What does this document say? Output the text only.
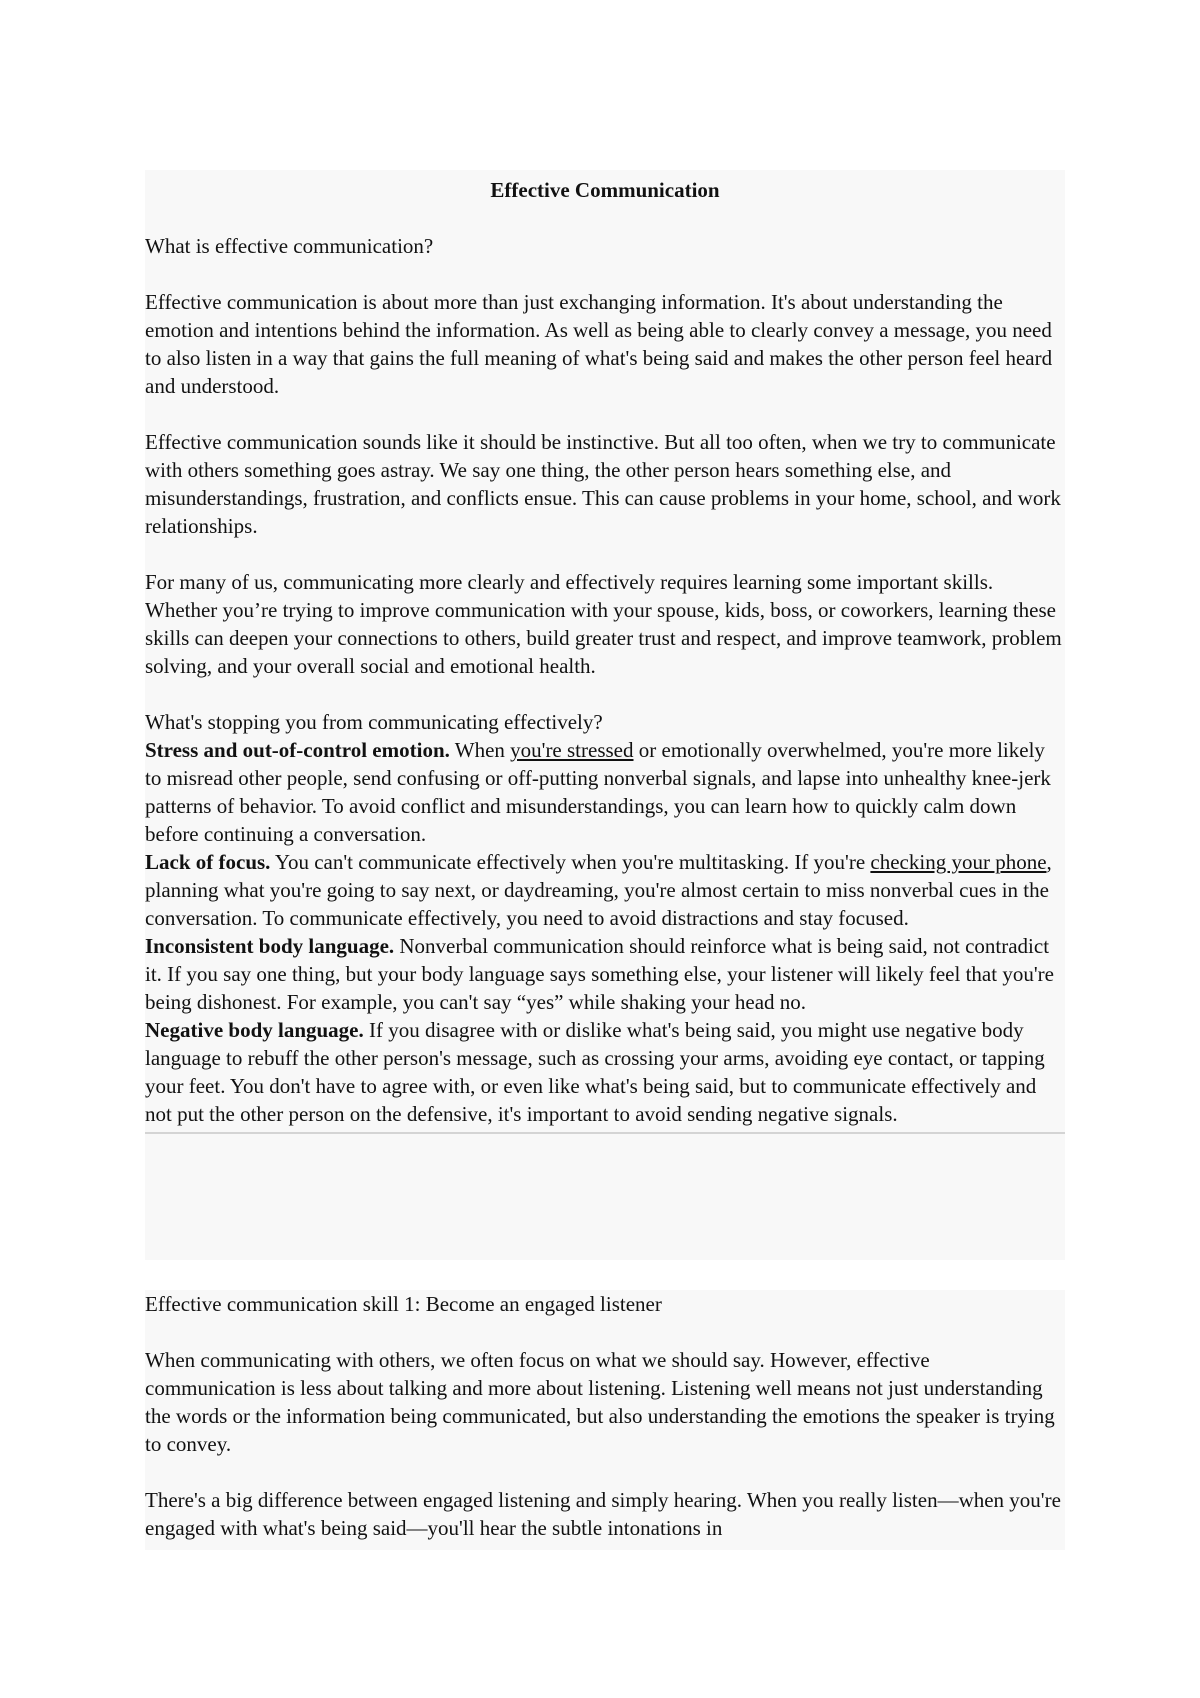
Effective Communication

What is effective communication?

Effective communication is about more than just exchanging information. It's about understanding the emotion and intentions behind the information. As well as being able to clearly convey a message, you need to also listen in a way that gains the full meaning of what's being said and makes the other person feel heard and understood.

Effective communication sounds like it should be instinctive. But all too often, when we try to communicate with others something goes astray. We say one thing, the other person hears something else, and misunderstandings, frustration, and conflicts ensue. This can cause problems in your home, school, and work relationships.

For many of us, communicating more clearly and effectively requires learning some important skills. Whether you’re trying to improve communication with your spouse, kids, boss, or coworkers, learning these skills can deepen your connections to others, build greater trust and respect, and improve teamwork, problem solving, and your overall social and emotional health.

What's stopping you from communicating effectively?

Stress and out-of-control emotion. When you're stressed or emotionally overwhelmed, you're more likely to misread other people, send confusing or off-putting nonverbal signals, and lapse into unhealthy knee-jerk patterns of behavior. To avoid conflict and misunderstandings, you can learn how to quickly calm down before continuing a conversation.

Lack of focus. You can't communicate effectively when you're multitasking. If you're checking your phone, planning what you're going to say next, or daydreaming, you're almost certain to miss nonverbal cues in the conversation. To communicate effectively, you need to avoid distractions and stay focused.

Inconsistent body language. Nonverbal communication should reinforce what is being said, not contradict it. If you say one thing, but your body language says something else, your listener will likely feel that you're being dishonest. For example, you can't say “yes” while shaking your head no.

Negative body language. If you disagree with or dislike what's being said, you might use negative body language to rebuff the other person's message, such as crossing your arms, avoiding eye contact, or tapping your feet. You don't have to agree with, or even like what's being said, but to communicate effectively and not put the other person on the defensive, it's important to avoid sending negative signals.

Effective communication skill 1: Become an engaged listener

When communicating with others, we often focus on what we should say. However, effective communication is less about talking and more about listening. Listening well means not just understanding the words or the information being communicated, but also understanding the emotions the speaker is trying to convey.

There's a big difference between engaged listening and simply hearing. When you really listen—when you're engaged with what's being said—you'll hear the subtle intonations in
